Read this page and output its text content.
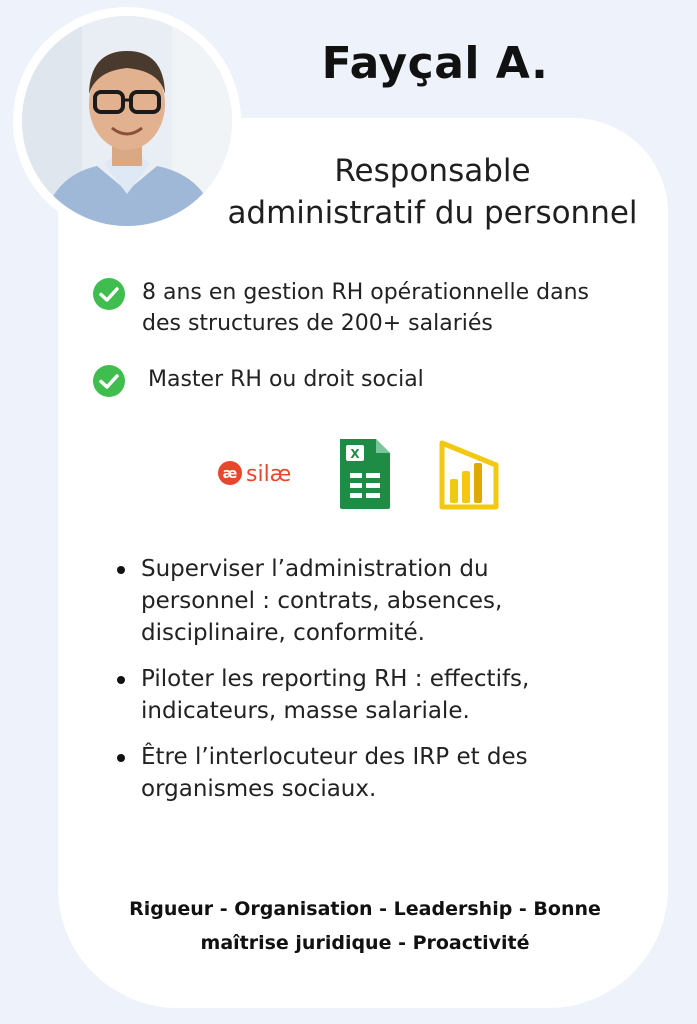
Fayçal A.
Responsable
administratif du personnel
8 ans en gestion RH opérationnelle dans
des structures de 200+ salariés
Master RH ou droit social
æ silæ
X
Superviser l’administration du
personnel : contrats, absences,
disciplinaire, conformité.
Piloter les reporting RH : effectifs,
indicateurs, masse salariale.
Être l’interlocuteur des IRP et des
organismes sociaux.
Rigueur - Organisation - Leadership - Bonne
maîtrise juridique - Proactivité
